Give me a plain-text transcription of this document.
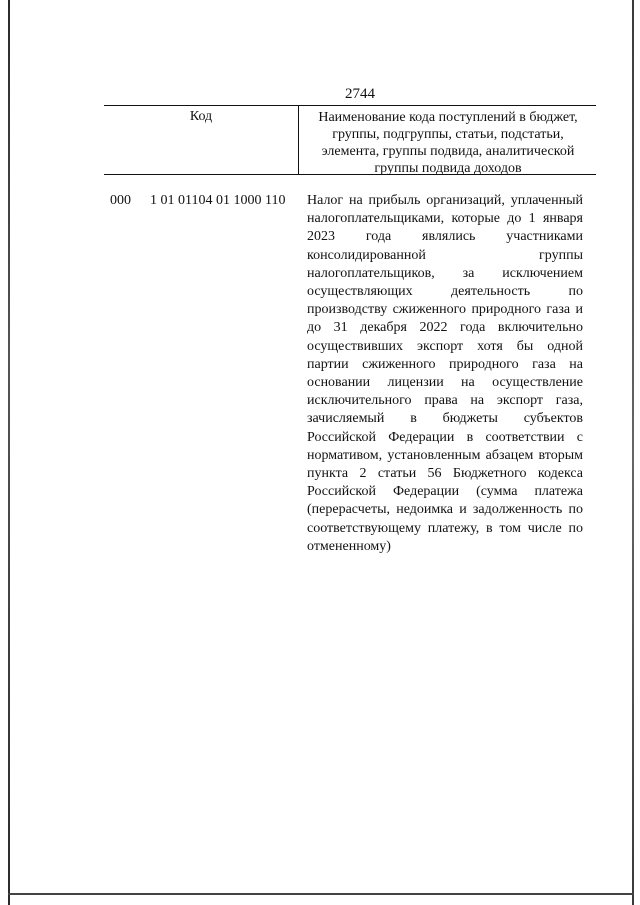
2744
Код	Наименование кода поступлений в бюджет, группы, подгруппы, статьи, подстатьи, элемента, группы подвида, аналитической группы подвида доходов
000 1 01 01104 01 1000 110 Налог на прибыль организаций, уплаченный налогоплательщиками, которые до 1 января 2023 года являлись участниками консолидированной группы налогоплательщиков, за исключением осуществляющих деятельность по производству сжиженного природного газа и до 31 декабря 2022 года включительно осуществивших экспорт хотя бы одной партии сжиженного природного газа на основании лицензии на осуществление исключительного права на экспорт газа, зачисляемый в бюджеты субъектов Российской Федерации в соответствии с нормативом, установленным абзацем вторым пункта 2 статьи 56 Бюджетного кодекса Российской Федерации (сумма платежа (перерасчеты, недоимка и задолженность по соответствующему платежу, в том числе по отмененному)
